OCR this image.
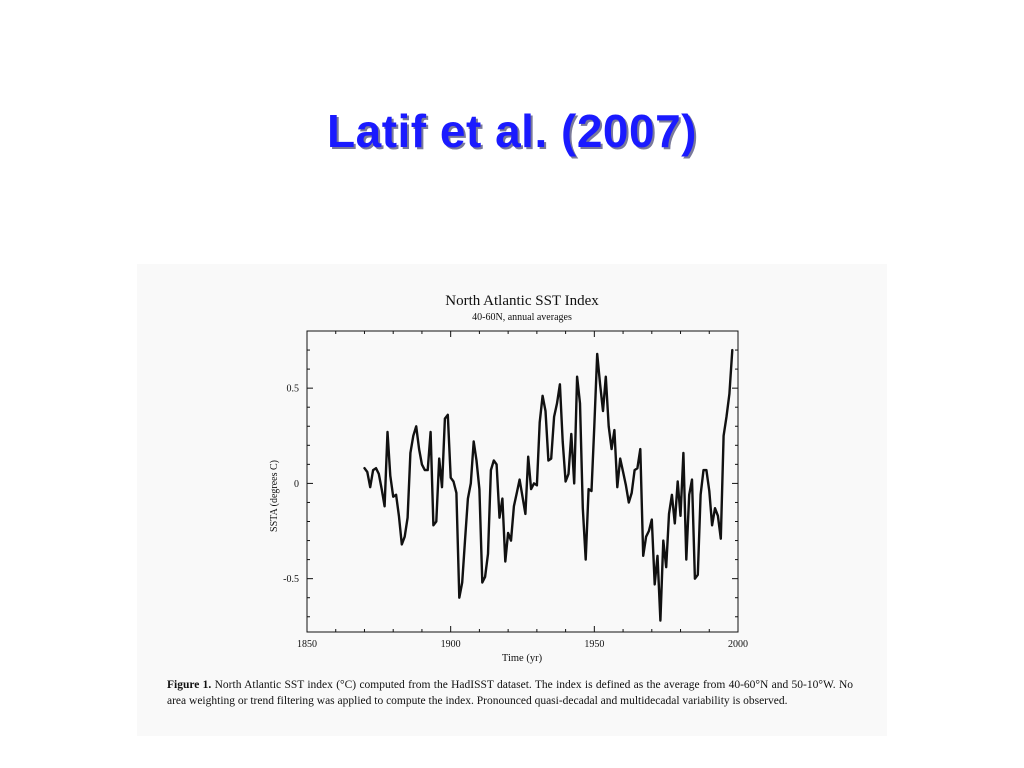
Latif et al. (2007)
North Atlantic SST Index
40-60N, annual averages
1850	1900	1950	2000
-0.5
0
0.5
Time (yr)
SSTA (degrees C)
Figure 1. North Atlantic SST index (°C) computed from the HadISST dataset. The index is defined as the average from 40-60°N and 50-10°W. No area weighting or trend filtering was applied to compute the index. Pronounced quasi-decadal and multidecadal variability is observed.
